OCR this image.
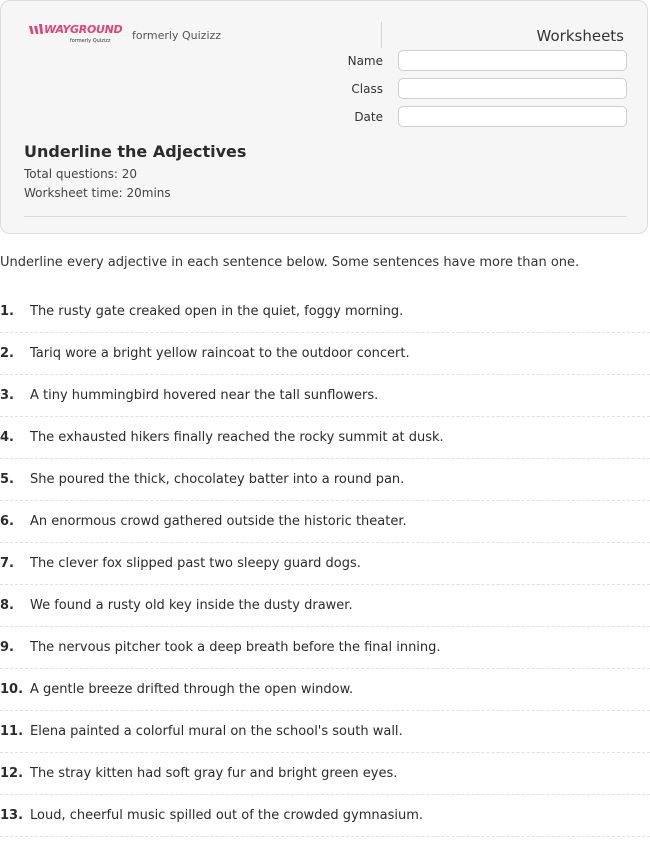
WAYGROUND
formerly Quizizz formerly Quizizz	Worksheets
Name
Class
Date
Underline the Adjectives
Total questions: 20
Worksheet time: 20mins
Underline every adjective in each sentence below. Some sentences have more than one.
1. The rusty gate creaked open in the quiet, foggy morning.
2. Tariq wore a bright yellow raincoat to the outdoor concert.
3. A tiny hummingbird hovered near the tall sunflowers.
4. The exhausted hikers finally reached the rocky summit at dusk.
5. She poured the thick, chocolatey batter into a round pan.
6. An enormous crowd gathered outside the historic theater.
7. The clever fox slipped past two sleepy guard dogs.
8. We found a rusty old key inside the dusty drawer.
9. The nervous pitcher took a deep breath before the final inning.
10. A gentle breeze drifted through the open window.
11. Elena painted a colorful mural on the school's south wall.
12. The stray kitten had soft gray fur and bright green eyes.
13. Loud, cheerful music spilled out of the crowded gymnasium.
